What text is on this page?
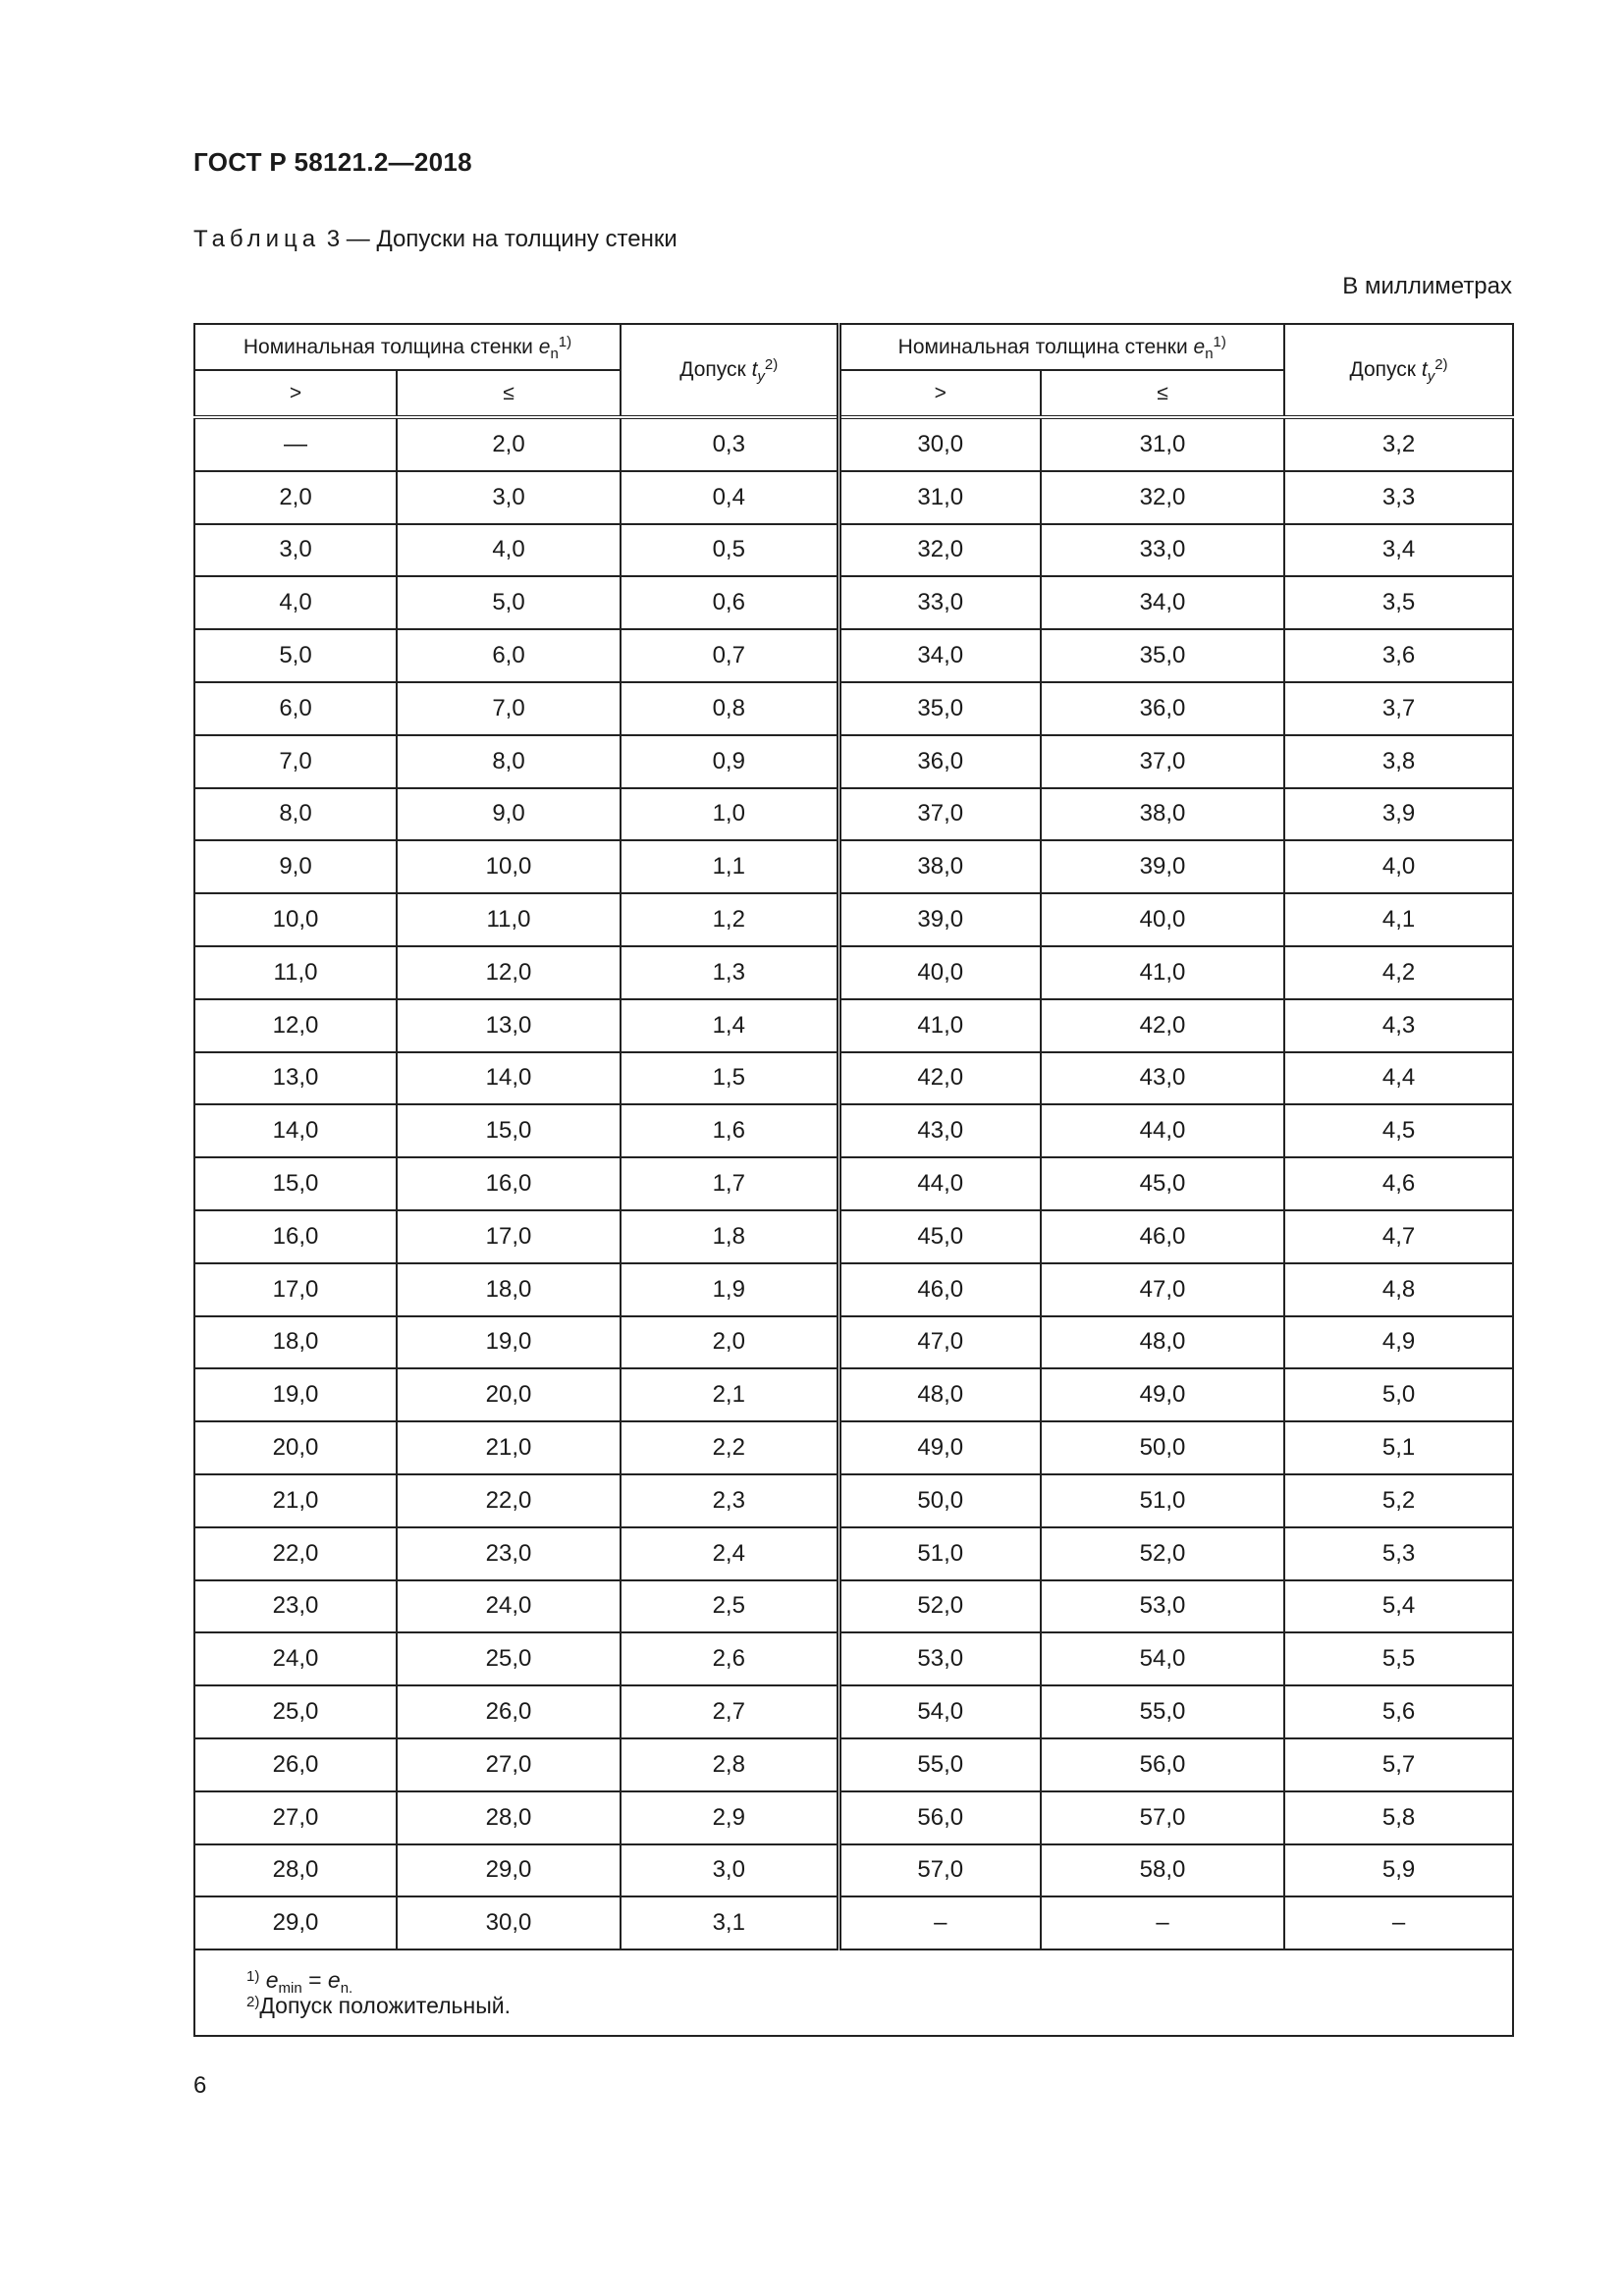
ГОСТ Р 58121.2—2018
Таблица 3 — Допуски на толщину стенки
В миллиметрах
Номинальная толщина стенки $e_n^{1)}$		Допуск $t_y^{2)}$	Номинальная толщина стенки $e_n^{1)}$		Допуск $t_y^{2)}$
>	≤		>	≤	
—	2,0	0,3	30,0	31,0	3,2
2,0	3,0	0,4	31,0	32,0	3,3
3,0	4,0	0,5	32,0	33,0	3,4
4,0	5,0	0,6	33,0	34,0	3,5
5,0	6,0	0,7	34,0	35,0	3,6
6,0	7,0	0,8	35,0	36,0	3,7
7,0	8,0	0,9	36,0	37,0	3,8
8,0	9,0	1,0	37,0	38,0	3,9
9,0	10,0	1,1	38,0	39,0	4,0
10,0	11,0	1,2	39,0	40,0	4,1
11,0	12,0	1,3	40,0	41,0	4,2
12,0	13,0	1,4	41,0	42,0	4,3
13,0	14,0	1,5	42,0	43,0	4,4
14,0	15,0	1,6	43,0	44,0	4,5
15,0	16,0	1,7	44,0	45,0	4,6
16,0	17,0	1,8	45,0	46,0	4,7
17,0	18,0	1,9	46,0	47,0	4,8
18,0	19,0	2,0	47,0	48,0	4,9
19,0	20,0	2,1	48,0	49,0	5,0
20,0	21,0	2,2	49,0	50,0	5,1
21,0	22,0	2,3	50,0	51,0	5,2
22,0	23,0	2,4	51,0	52,0	5,3
23,0	24,0	2,5	52,0	53,0	5,4
24,0	25,0	2,6	53,0	54,0	5,5
25,0	26,0	2,7	54,0	55,0	5,6
26,0	27,0	2,8	55,0	56,0	5,7
27,0	28,0	2,9	56,0	57,0	5,8
28,0	29,0	3,0	57,0	58,0	5,9
29,0	30,0	3,1	–	–	–

$^{1)}$ $e_{min} = e_{n.}$
$^{2)}$Допуск положительный.					
6
